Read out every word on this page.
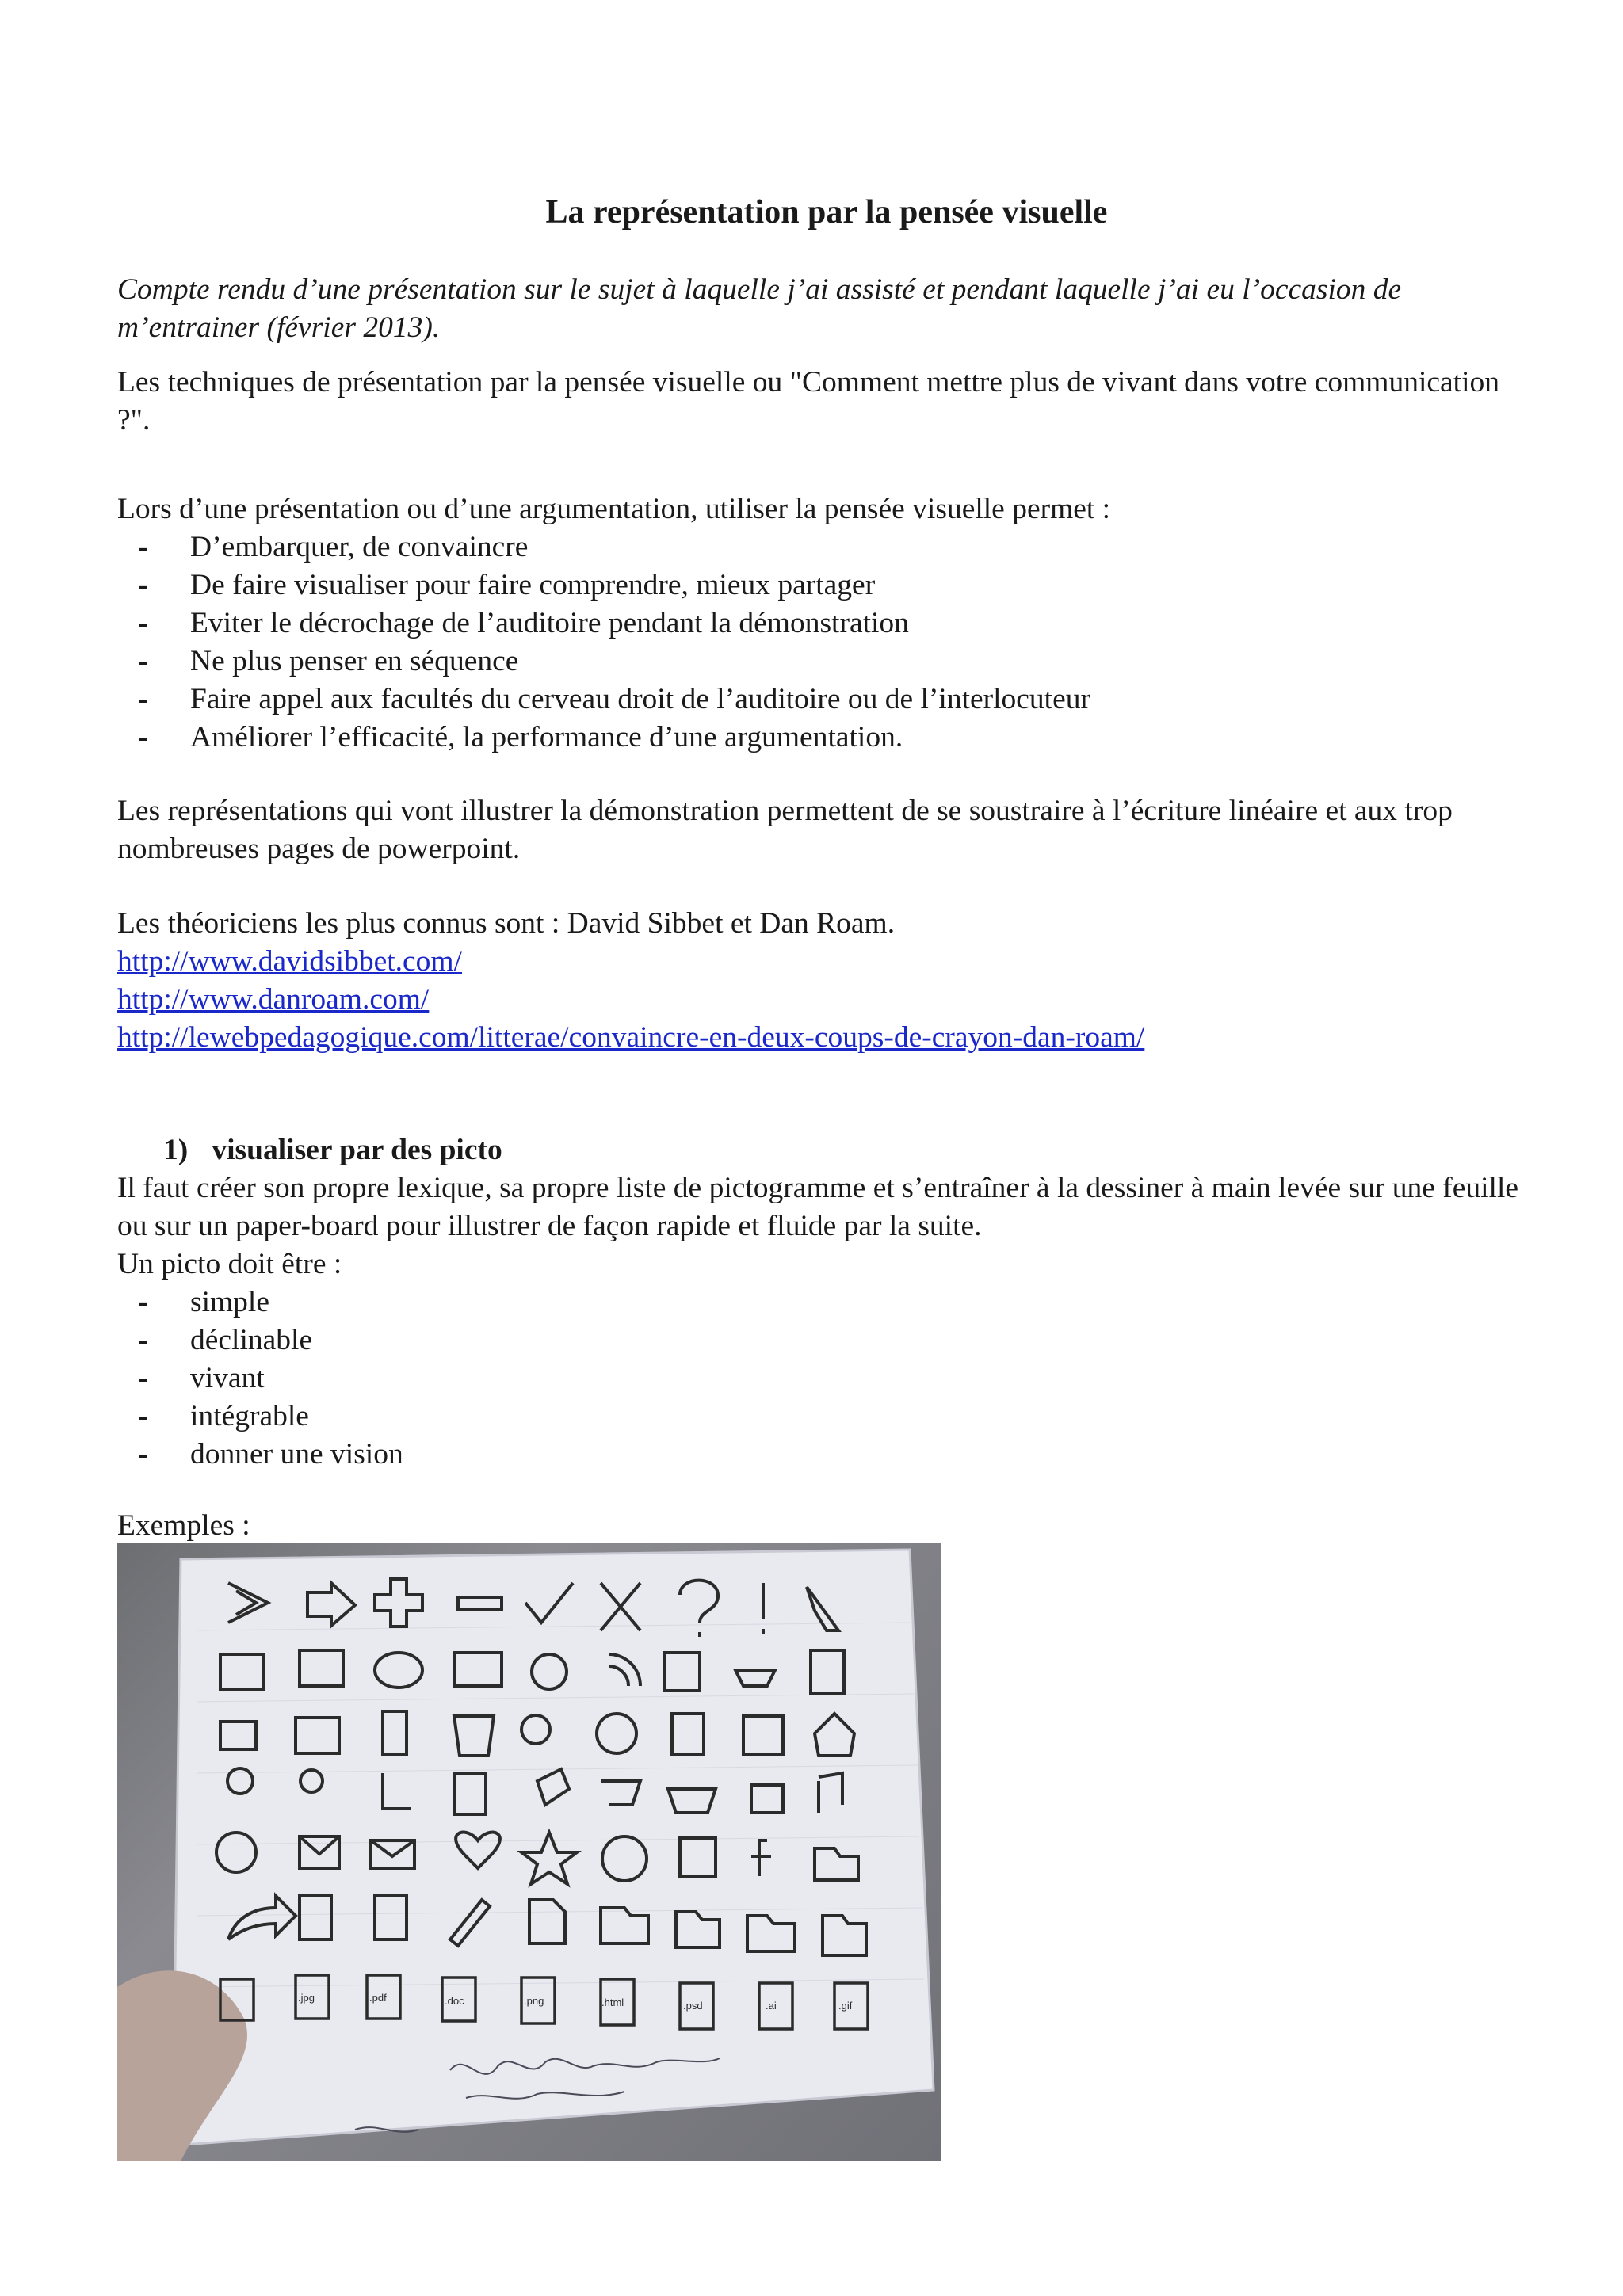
La représentation par la pensée visuelle
Compte rendu d’une présentation sur le sujet à laquelle j’ai assisté et pendant laquelle j’ai eu l’occasion de m’entrainer (février 2013).
Les techniques de présentation par la pensée visuelle ou "Comment mettre plus de vivant dans votre communication ?".
Lors d’une présentation ou d’une argumentation, utiliser la pensée visuelle permet :
- D’embarquer, de convaincre
- De faire visualiser pour faire comprendre, mieux partager
- Eviter le décrochage de l’auditoire pendant la démonstration
- Ne plus penser en séquence
- Faire appel aux facultés du cerveau droit de l’auditoire ou de l’interlocuteur
- Améliorer l’efficacité, la performance d’une argumentation.
Les représentations qui vont illustrer la démonstration permettent de se soustraire à l’écriture linéaire et aux trop nombreuses pages de powerpoint.
Les théoriciens les plus connus sont : David Sibbet et Dan Roam.
http://www.davidsibbet.com/
http://www.danroam.com/
http://lewebpedagogique.com/litterae/convaincre-en-deux-coups-de-crayon-dan-roam/
1) visualiser par des picto
Il faut créer son propre lexique, sa propre liste de pictogramme et s’entraîner à la dessiner à main levée sur une feuille ou sur un paper-board pour illustrer de façon rapide et fluide par la suite.
Un picto doit être :
- simple
- déclinable
- vivant
- intégrable
- donner une vision
Exemples :
.jpg	.pdf	.doc	.png	.html	.psd	.ai	.gif
